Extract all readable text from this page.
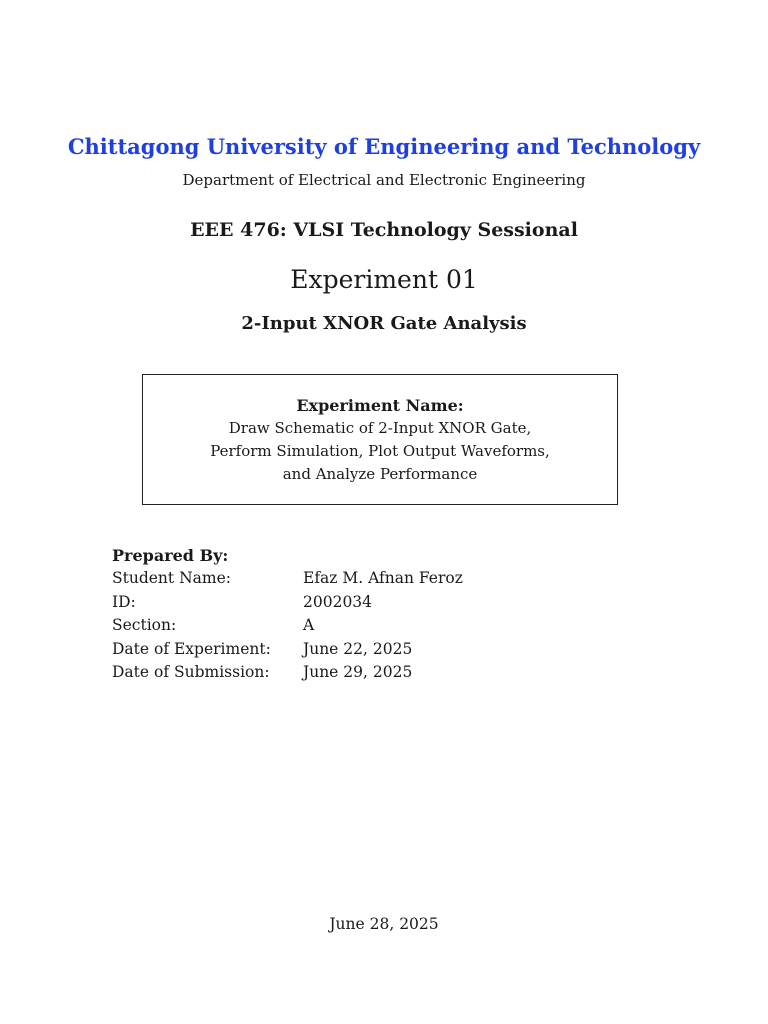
Chittagong University of Engineering and Technology
Department of Electrical and Electronic Engineering
EEE 476: VLSI Technology Sessional
Experiment 01
2-Input XNOR Gate Analysis
Experiment Name:
Draw Schematic of 2-Input XNOR Gate,
Perform Simulation, Plot Output Waveforms,
and Analyze Performance
Prepared By:
Student Name:	Efaz M. Afnan Feroz
ID:	2002034
Section:	A
Date of Experiment:	June 22, 2025
Date of Submission:	June 29, 2025
June 28, 2025
